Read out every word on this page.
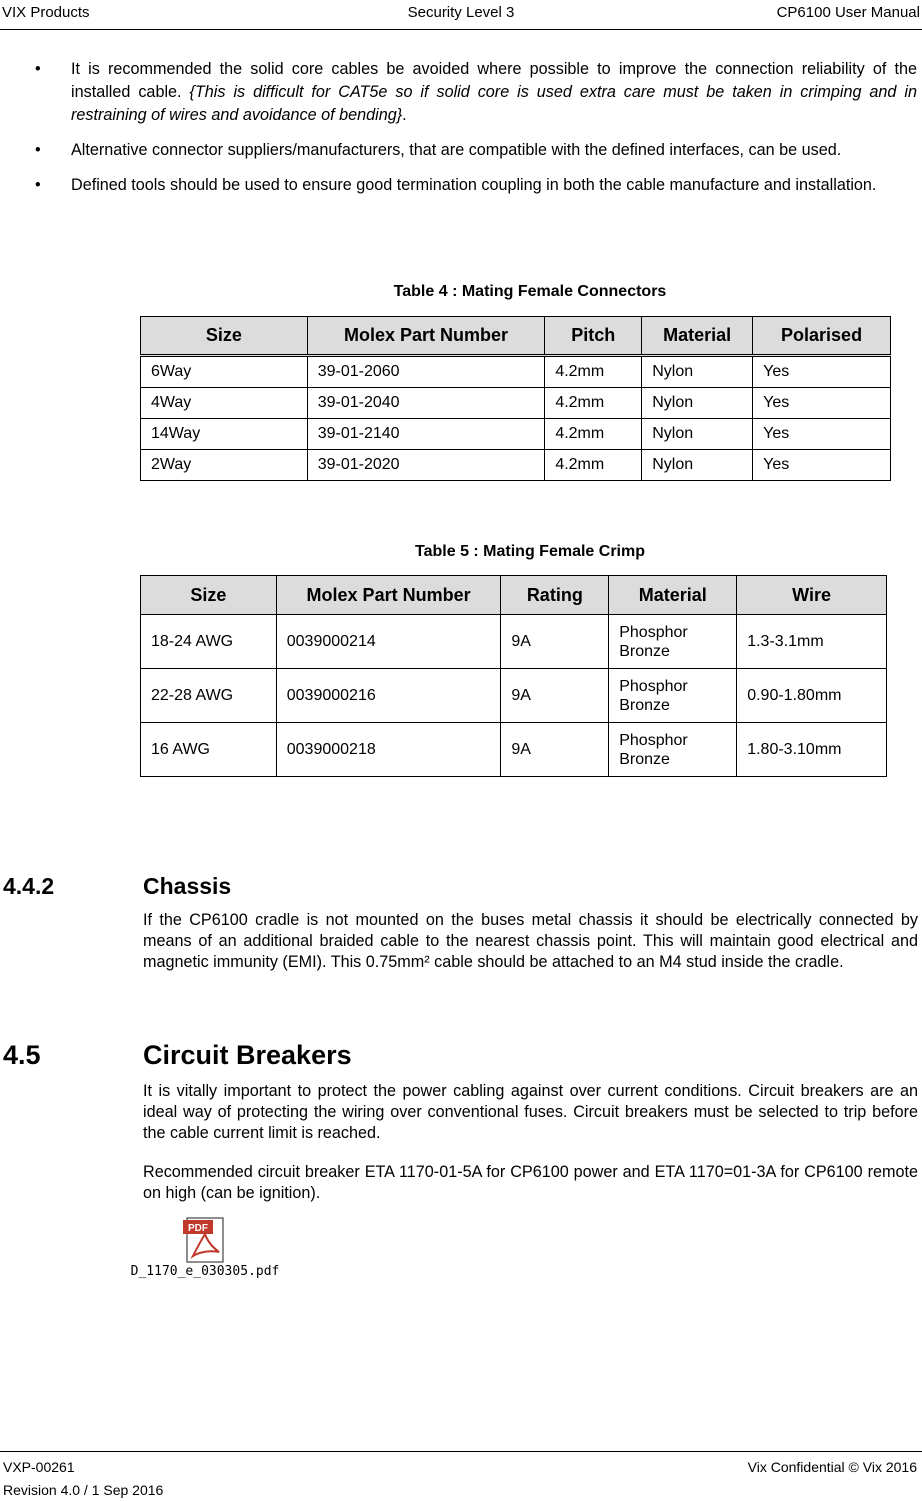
VIX Products	Security Level 3	CP6100 User Manual
• It is recommended the solid core cables be avoided where possible to improve the connection reliability of the installed cable. {This is difficult for CAT5e so if solid core is used extra care must be taken in crimping and in restraining of wires and avoidance of bending}.
• Alternative connector suppliers/manufacturers, that are compatible with the defined interfaces, can be used.
• Defined tools should be used to ensure good termination coupling in both the cable manufacture and installation.
Table 4 : Mating Female Connectors
Size	Molex Part Number	Pitch	Material	Polarised
6Way	39-01-2060	4.2mm	Nylon	Yes
4Way	39-01-2040	4.2mm	Nylon	Yes
14Way	39-01-2140	4.2mm	Nylon	Yes
2Way	39-01-2020	4.2mm	Nylon	Yes
Table 5 : Mating Female Crimp
Size	Molex Part Number	Rating	Material	Wire
18-24 AWG	0039000214	9A	Phosphor Bronze	1.3-3.1mm
22-28 AWG	0039000216	9A	Phosphor Bronze	0.90-1.80mm
16 AWG	0039000218	9A	Phosphor Bronze	1.80-3.10mm
4.4.2	Chassis
If the CP6100 cradle is not mounted on the buses metal chassis it should be electrically connected by means of an additional braided cable to the nearest chassis point. This will maintain good electrical and magnetic immunity (EMI). This 0.75mm² cable should be attached to an M4 stud inside the cradle.
4.5	Circuit Breakers
It is vitally important to protect the power cabling against over current conditions. Circuit breakers are an ideal way of protecting the wiring over conventional fuses. Circuit breakers must be selected to trip before the cable current limit is reached.
Recommended circuit breaker ETA 1170-01-5A for CP6100 power and ETA 1170=01-3A for CP6100 remote on high (can be ignition).
PDF
D_1170_e_030305.pdf
VXP-00261
Revision 4.0 / 1 Sep 2016
Vix Confidential © Vix 2016
